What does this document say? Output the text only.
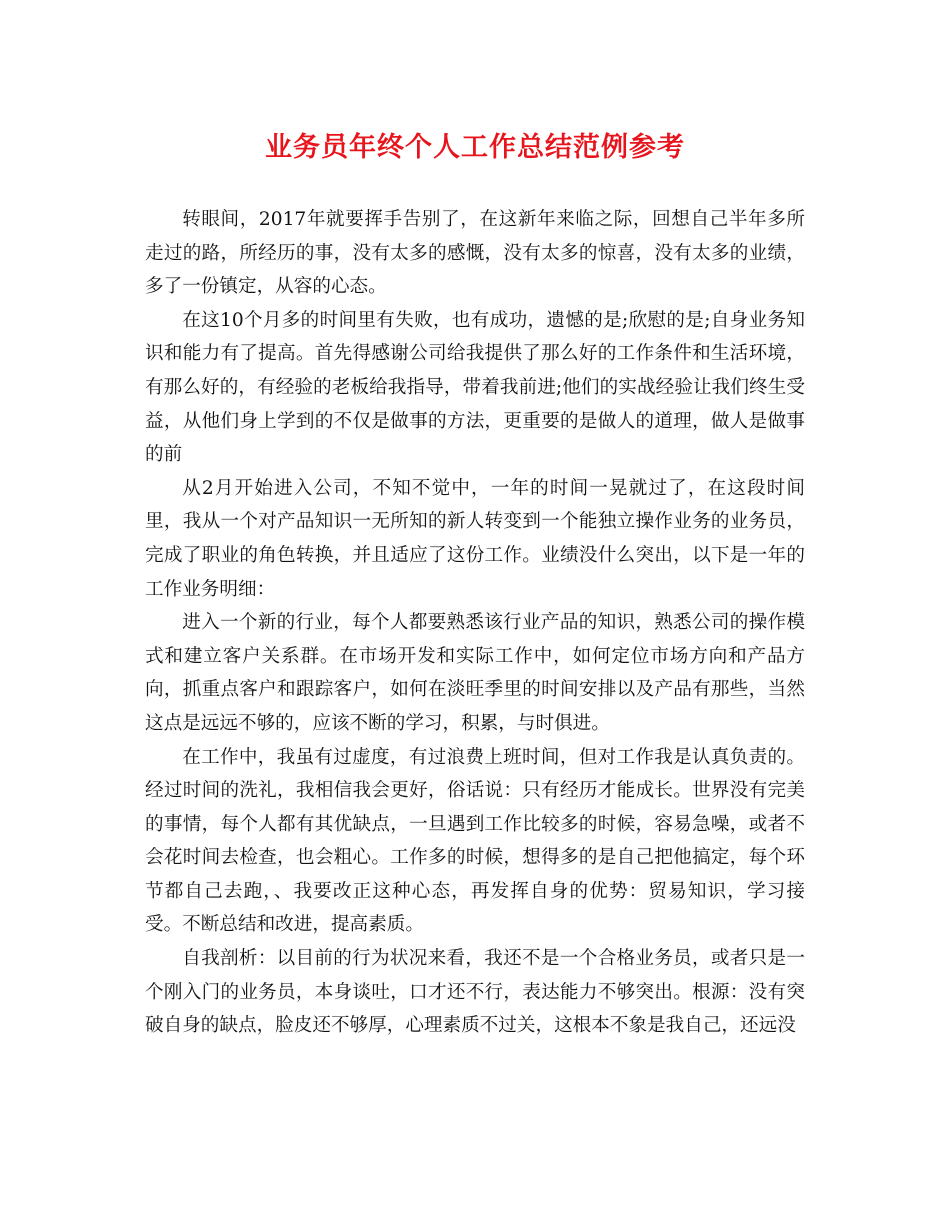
业务员年终个人工作总结范例参考

转眼间，2017年就要挥手告别了，在这新年来临之际，回想自己半年多所走过的路，所经历的事，没有太多的感慨，没有太多的惊喜，没有太多的业绩，多了一份镇定，从容的心态。

在这10个月多的时间里有失败，也有成功，遗憾的是;欣慰的是;自身业务知识和能力有了提高。首先得感谢公司给我提供了那么好的工作条件和生活环境，有那么好的，有经验的老板给我指导，带着我前进;他们的实战经验让我们终生受益，从他们身上学到的不仅是做事的方法，更重要的是做人的道理，做人是做事的前

从2月开始进入公司，不知不觉中，一年的时间一晃就过了，在这段时间里，我从一个对产品知识一无所知的新人转变到一个能独立操作业务的业务员，完成了职业的角色转换，并且适应了这份工作。业绩没什么突出，以下是一年的工作业务明细：

进入一个新的行业，每个人都要熟悉该行业产品的知识，熟悉公司的操作模式和建立客户关系群。在市场开发和实际工作中，如何定位市场方向和产品方向，抓重点客户和跟踪客户，如何在淡旺季里的时间安排以及产品有那些，当然这点是远远不够的，应该不断的学习，积累，与时俱进。

在工作中，我虽有过虚度，有过浪费上班时间，但对工作我是认真负责的。经过时间的洗礼，我相信我会更好，俗话说：只有经历才能成长。世界没有完美的事情，每个人都有其优缺点，一旦遇到工作比较多的时候，容易急噪，或者不会花时间去检查，也会粗心。工作多的时候，想得多的是自己把他搞定，每个环节都自己去跑，、我要改正这种心态，再发挥自身的优势：贸易知识，学习接受。不断总结和改进，提高素质。

自我剖析：以目前的行为状况来看，我还不是一个合格业务员，或者只是一个刚入门的业务员，本身谈吐，口才还不行，表达能力不够突出。根源：没有突破自身的缺点，脸皮还不够厚，心理素质不过关，这根本不象是我自己，还远没
